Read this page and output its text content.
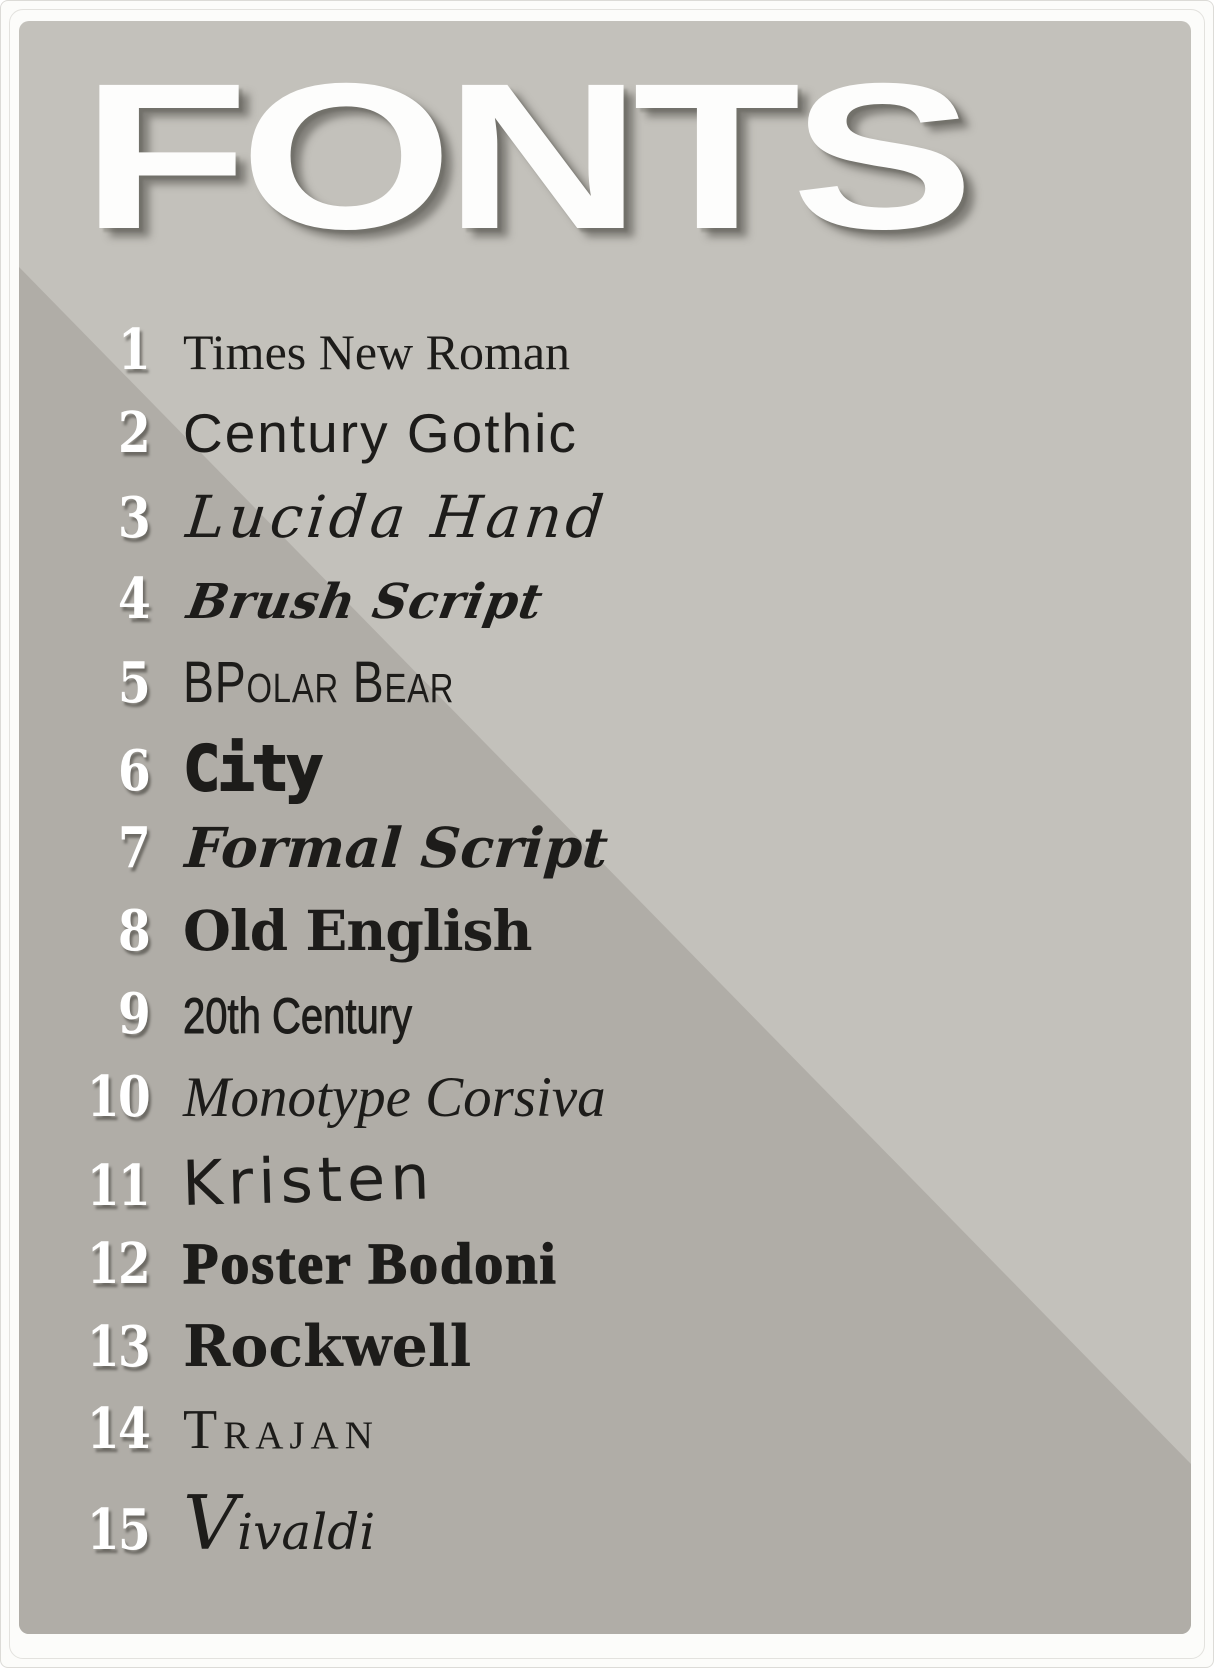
FONTS
1 Times New Roman
2 Century Gothic
3 Lucida Hand
4 Brush Script
5 BPolar Bear
6 City
7 Formal Script
8 Old English
9 20th Century
10 Monotype Corsiva
11 Kristen
12 Poster Bodoni
13 Rockwell
14 Trajan
15 Vivaldi
